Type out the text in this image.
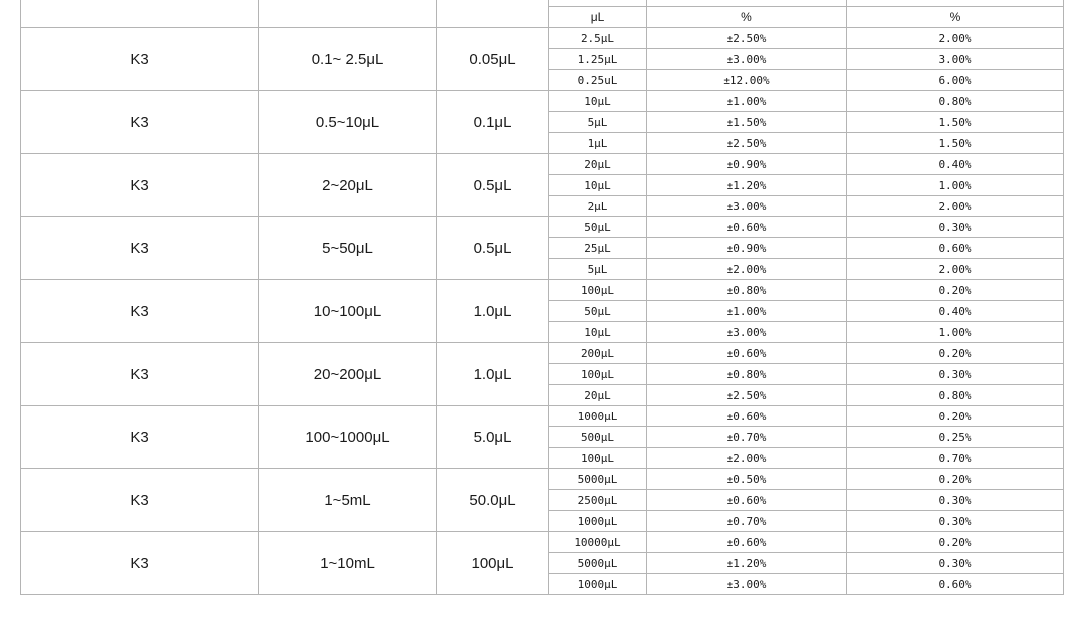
			μL	%	%
K3	0.1~ 2.5μL	0.05μL	2.5μL	±2.50%	2.00%
			1.25μL	±3.00%	3.00%
			0.25uL	±12.00%	6.00%
K3	0.5~10μL	0.1μL	10μL	±1.00%	0.80%
			5μL	±1.50%	1.50%
			1μL	±2.50%	1.50%
K3	2~20μL	0.5μL	20μL	±0.90%	0.40%
			10μL	±1.20%	1.00%
			2μL	±3.00%	2.00%
K3	5~50μL	0.5μL	50μL	±0.60%	0.30%
			25μL	±0.90%	0.60%
			5μL	±2.00%	2.00%
K3	10~100μL	1.0μL	100μL	±0.80%	0.20%
			50μL	±1.00%	0.40%
			10μL	±3.00%	1.00%
K3	20~200μL	1.0μL	200μL	±0.60%	0.20%
			100μL	±0.80%	0.30%
			20μL	±2.50%	0.80%
K3	100~1000μL	5.0μL	1000μL	±0.60%	0.20%
			500μL	±0.70%	0.25%
			100μL	±2.00%	0.70%
K3	1~5mL	50.0μL	5000μL	±0.50%	0.20%
			2500μL	±0.60%	0.30%
			1000μL	±0.70%	0.30%
K3	1~10mL	100μL	10000μL	±0.60%	0.20%
			5000μL	±1.20%	0.30%
			1000μL	±3.00%	0.60%
